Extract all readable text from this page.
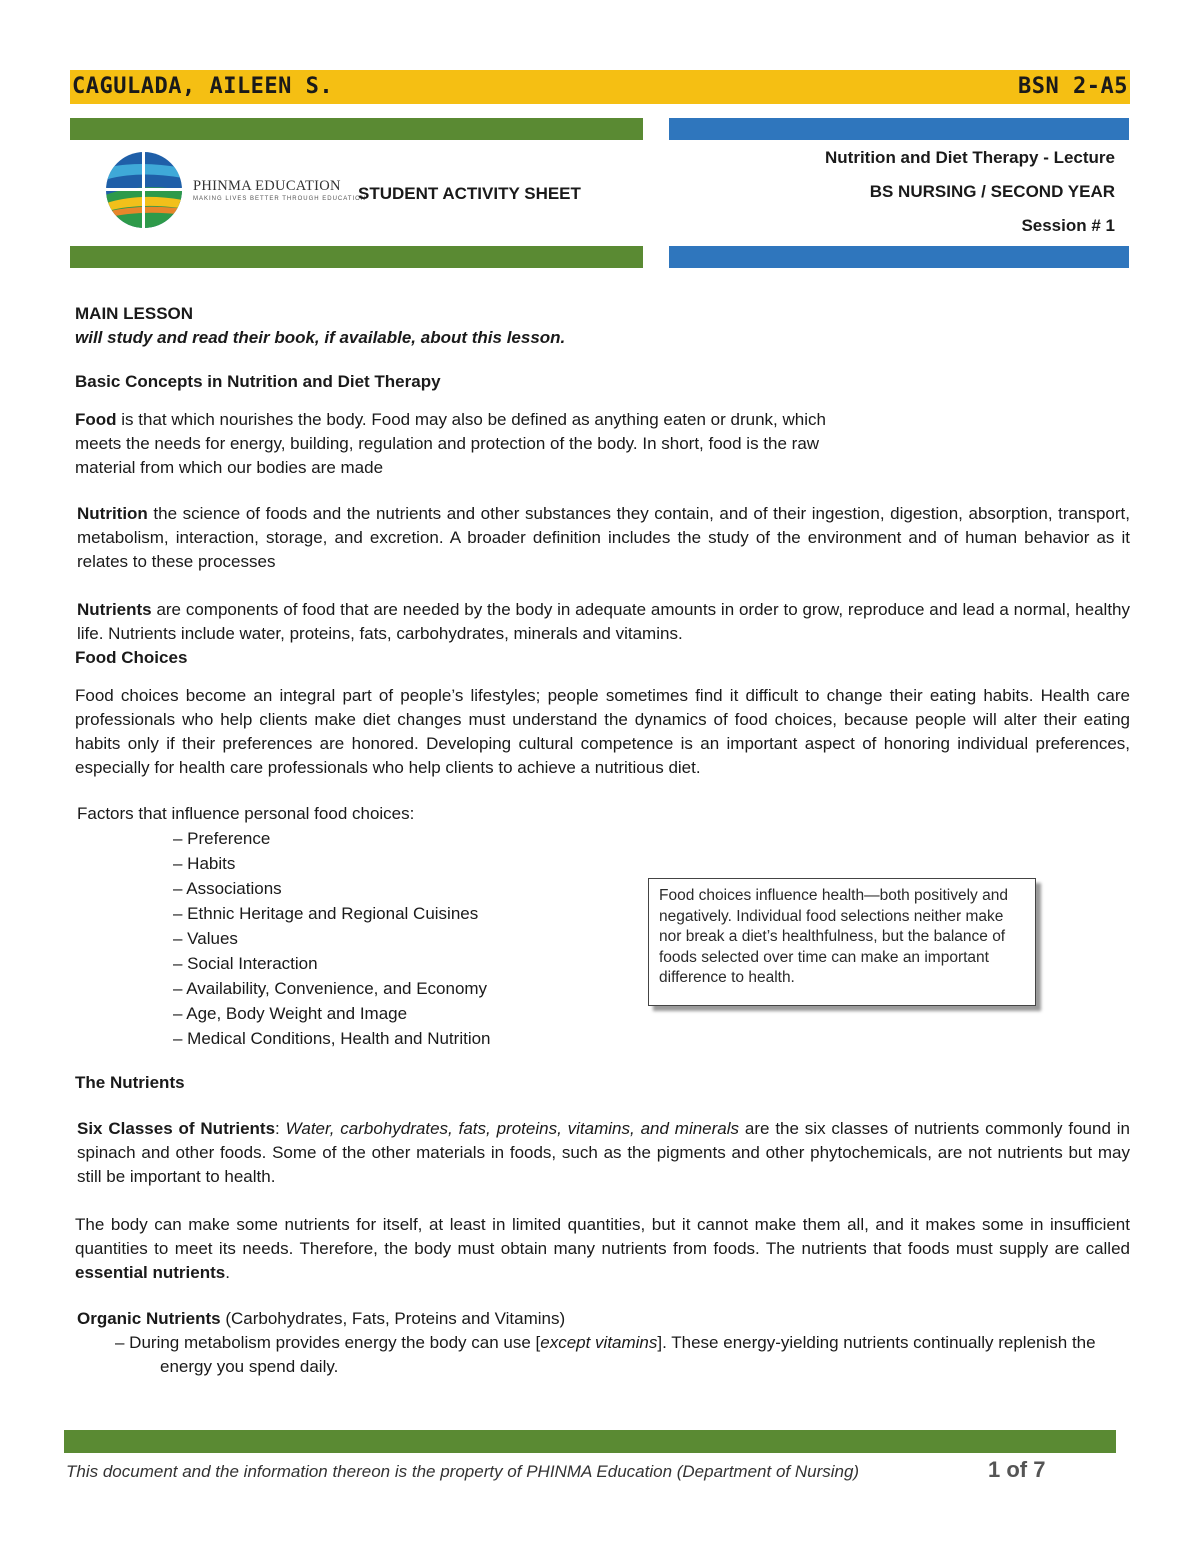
CAGULADA, AILEEN S.	BSN 2-A5
PHINMA EDUCATION
MAKING LIVES BETTER THROUGH EDUCATION
STUDENT ACTIVITY SHEET
Nutrition and Diet Therapy - Lecture
BS NURSING / SECOND YEAR
Session # 1

MAIN LESSON

will study and read their book, if available, about this lesson.

Basic Concepts in Nutrition and Diet Therapy

Food is that which nourishes the body. Food may also be defined as anything eaten or drunk, which

meets the needs for energy, building, regulation and protection of the body. In short, food is the raw

material from which our bodies are made

Nutrition the science of foods and the nutrients and other substances they contain, and of their ingestion, digestion, absorption, transport, metabolism, interaction, storage, and excretion. A broader definition includes the study of the environment and of human behavior as it relates to these processes

Nutrients are components of food that are needed by the body in adequate amounts in order to grow, reproduce and lead a normal, healthy life. Nutrients include water, proteins, fats, carbohydrates, minerals and vitamins.

Food Choices

Food choices become an integral part of people’s lifestyles; people sometimes find it difficult to change their eating habits. Health care professionals who help clients make diet changes must understand the dynamics of food choices, because people will alter their eating habits only if their preferences are honored. Developing cultural competence is an important aspect of honoring individual preferences, especially for health care professionals who help clients to achieve a nutritious diet.

Factors that influence personal food choices:

– Preference
– Habits
– Associations
– Ethnic Heritage and Regional Cuisines
– Values
– Social Interaction
– Availability, Convenience, and Economy
– Age, Body Weight and Image
– Medical Conditions, Health and Nutrition

The Nutrients

Six Classes of Nutrients: Water, carbohydrates, fats, proteins, vitamins, and minerals are the six classes of nutrients commonly found in spinach and other foods. Some of the other materials in foods, such as the pigments and other phytochemicals, are not nutrients but may still be important to health.

The body can make some nutrients for itself, at least in limited quantities, but it cannot make them all, and it makes some in insufficient quantities to meet its needs. Therefore, the body must obtain many nutrients from foods. The nutrients that foods must supply are called essential nutrients.

Organic Nutrients (Carbohydrates, Fats, Proteins and Vitamins)

– During metabolism provides energy the body can use [except vitamins]. These energy-yielding nutrients continually replenish the energy you spend daily.

Food choices influence health—both positively and negatively. Individual food selections neither make nor break a diet’s healthfulness, but the balance of foods selected over time can make an important difference to health.
This document and the information thereon is the property of PHINMA Education (Department of Nursing)	1 of 7
